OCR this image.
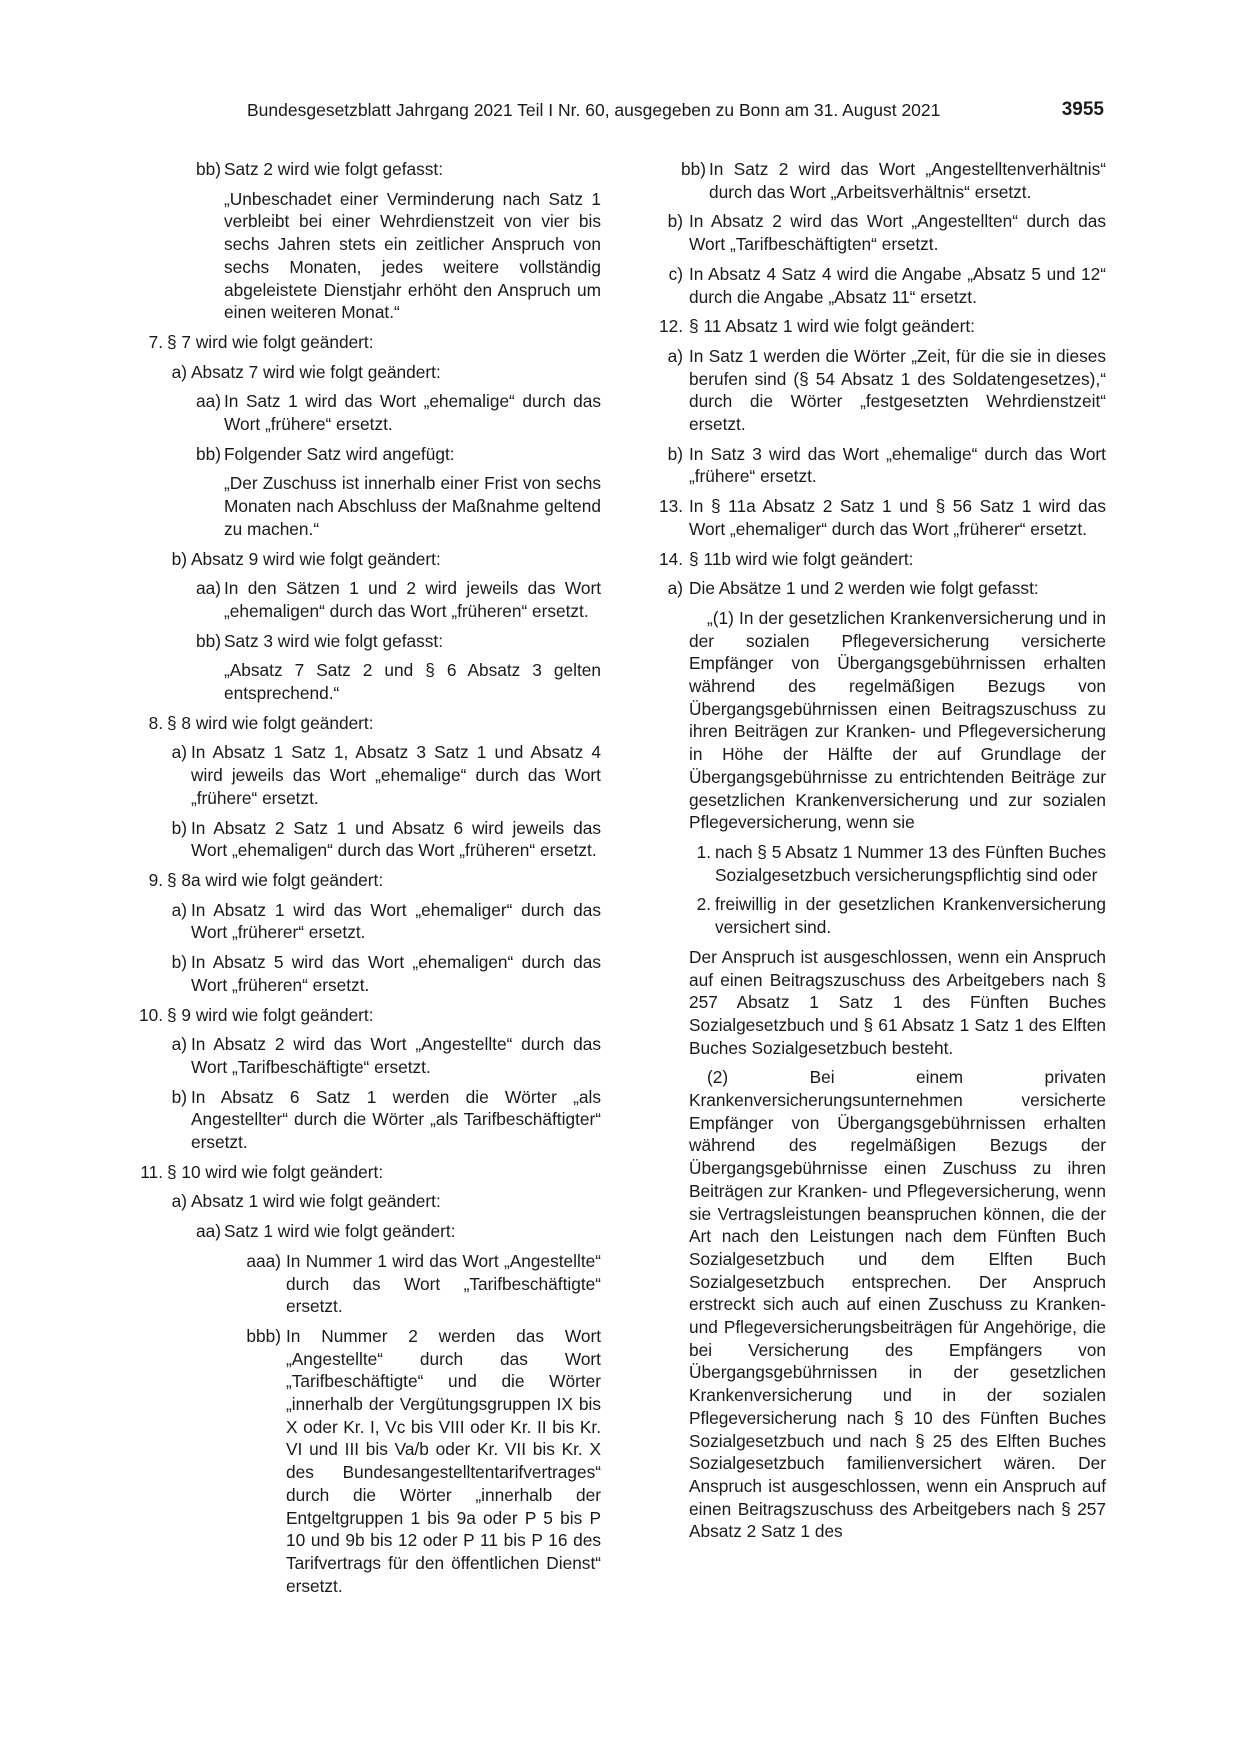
Bundesgesetzblatt Jahrgang 2021 Teil I Nr. 60, ausgegeben zu Bonn am 31. August 2021	3955
bb) Satz 2 wird wie folgt gefasst:
„Unbeschadet einer Verminderung nach Satz 1 verbleibt bei einer Wehrdienstzeit von vier bis sechs Jahren stets ein zeitlicher Anspruch von sechs Monaten, jedes weitere vollständig abgeleistete Dienstjahr erhöht den Anspruch um einen weiteren Monat.“
7. § 7 wird wie folgt geändert:
a) Absatz 7 wird wie folgt geändert:
aa) In Satz 1 wird das Wort „ehemalige“ durch das Wort „frühere“ ersetzt.
bb) Folgender Satz wird angefügt:
„Der Zuschuss ist innerhalb einer Frist von sechs Monaten nach Abschluss der Maßnahme geltend zu machen.“
b) Absatz 9 wird wie folgt geändert:
aa) In den Sätzen 1 und 2 wird jeweils das Wort „ehemaligen“ durch das Wort „früheren“ ersetzt.
bb) Satz 3 wird wie folgt gefasst:
„Absatz 7 Satz 2 und § 6 Absatz 3 gelten entsprechend.“
8. § 8 wird wie folgt geändert:
a) In Absatz 1 Satz 1, Absatz 3 Satz 1 und Absatz 4 wird jeweils das Wort „ehemalige“ durch das Wort „frühere“ ersetzt.
b) In Absatz 2 Satz 1 und Absatz 6 wird jeweils das Wort „ehemaligen“ durch das Wort „früheren“ ersetzt.
9. § 8a wird wie folgt geändert:
a) In Absatz 1 wird das Wort „ehemaliger“ durch das Wort „früherer“ ersetzt.
b) In Absatz 5 wird das Wort „ehemaligen“ durch das Wort „früheren“ ersetzt.
10. § 9 wird wie folgt geändert:
a) In Absatz 2 wird das Wort „Angestellte“ durch das Wort „Tarifbeschäftigte“ ersetzt.
b) In Absatz 6 Satz 1 werden die Wörter „als Angestellter“ durch die Wörter „als Tarifbeschäftigter“ ersetzt.
11. § 10 wird wie folgt geändert:
a) Absatz 1 wird wie folgt geändert:
aa) Satz 1 wird wie folgt geändert:
aaa) In Nummer 1 wird das Wort „Angestellte“ durch das Wort „Tarifbeschäftigte“ ersetzt.
bbb) In Nummer 2 werden das Wort „Angestellte“ durch das Wort „Tarifbeschäftigte“ und die Wörter „innerhalb der Vergütungsgruppen IX bis X oder Kr. I, Vc bis VIII oder Kr. II bis Kr. VI und III bis Va/b oder Kr. VII bis Kr. X des Bundesangestelltentarifvertrages“ durch die Wörter „innerhalb der Entgeltgruppen 1 bis 9a oder P 5 bis P 10 und 9b bis 12 oder P 11 bis P 16 des Tarifvertrags für den öffentlichen Dienst“ ersetzt.
bb) In Satz 2 wird das Wort „Angestelltenverhältnis“ durch das Wort „Arbeitsverhältnis“ ersetzt.
b) In Absatz 2 wird das Wort „Angestellten“ durch das Wort „Tarifbeschäftigten“ ersetzt.
c) In Absatz 4 Satz 4 wird die Angabe „Absatz 5 und 12“ durch die Angabe „Absatz 11“ ersetzt.
12. § 11 Absatz 1 wird wie folgt geändert:
a) In Satz 1 werden die Wörter „Zeit, für die sie in dieses berufen sind (§ 54 Absatz 1 des Soldatengesetzes),“ durch die Wörter „festgesetzten Wehrdienstzeit“ ersetzt.
b) In Satz 3 wird das Wort „ehemalige“ durch das Wort „frühere“ ersetzt.
13. In § 11a Absatz 2 Satz 1 und § 56 Satz 1 wird das Wort „ehemaliger“ durch das Wort „früherer“ ersetzt.
14. § 11b wird wie folgt geändert:
a) Die Absätze 1 und 2 werden wie folgt gefasst:
„(1) In der gesetzlichen Krankenversicherung und in der sozialen Pflegeversicherung versicherte Empfänger von Übergangsgebührnissen erhalten während des regelmäßigen Bezugs von Übergangsgebührnissen einen Beitragszuschuss zu ihren Beiträgen zur Kranken- und Pflegeversicherung in Höhe der Hälfte der auf Grundlage der Übergangsgebührnisse zu entrichtenden Beiträge zur gesetzlichen Krankenversicherung und zur sozialen Pflegeversicherung, wenn sie
1. nach § 5 Absatz 1 Nummer 13 des Fünften Buches Sozialgesetzbuch versicherungspflichtig sind oder
2. freiwillig in der gesetzlichen Krankenversicherung versichert sind.
Der Anspruch ist ausgeschlossen, wenn ein Anspruch auf einen Beitragszuschuss des Arbeitgebers nach § 257 Absatz 1 Satz 1 des Fünften Buches Sozialgesetzbuch und § 61 Absatz 1 Satz 1 des Elften Buches Sozialgesetzbuch besteht.
(2) Bei einem privaten Krankenversicherungsunternehmen versicherte Empfänger von Übergangsgebührnissen erhalten während des regelmäßigen Bezugs der Übergangsgebührnisse einen Zuschuss zu ihren Beiträgen zur Kranken- und Pflegeversicherung, wenn sie Vertragsleistungen beanspruchen können, die der Art nach den Leistungen nach dem Fünften Buch Sozialgesetzbuch und dem Elften Buch Sozialgesetzbuch entsprechen. Der Anspruch erstreckt sich auch auf einen Zuschuss zu Kranken- und Pflegeversicherungsbeiträgen für Angehörige, die bei Versicherung des Empfängers von Übergangsgebührnissen in der gesetzlichen Krankenversicherung und in der sozialen Pflegeversicherung nach § 10 des Fünften Buches Sozialgesetzbuch und nach § 25 des Elften Buches Sozialgesetzbuch familienversichert wären. Der Anspruch ist ausgeschlossen, wenn ein Anspruch auf einen Beitragszuschuss des Arbeitgebers nach § 257 Absatz 2 Satz 1 des
